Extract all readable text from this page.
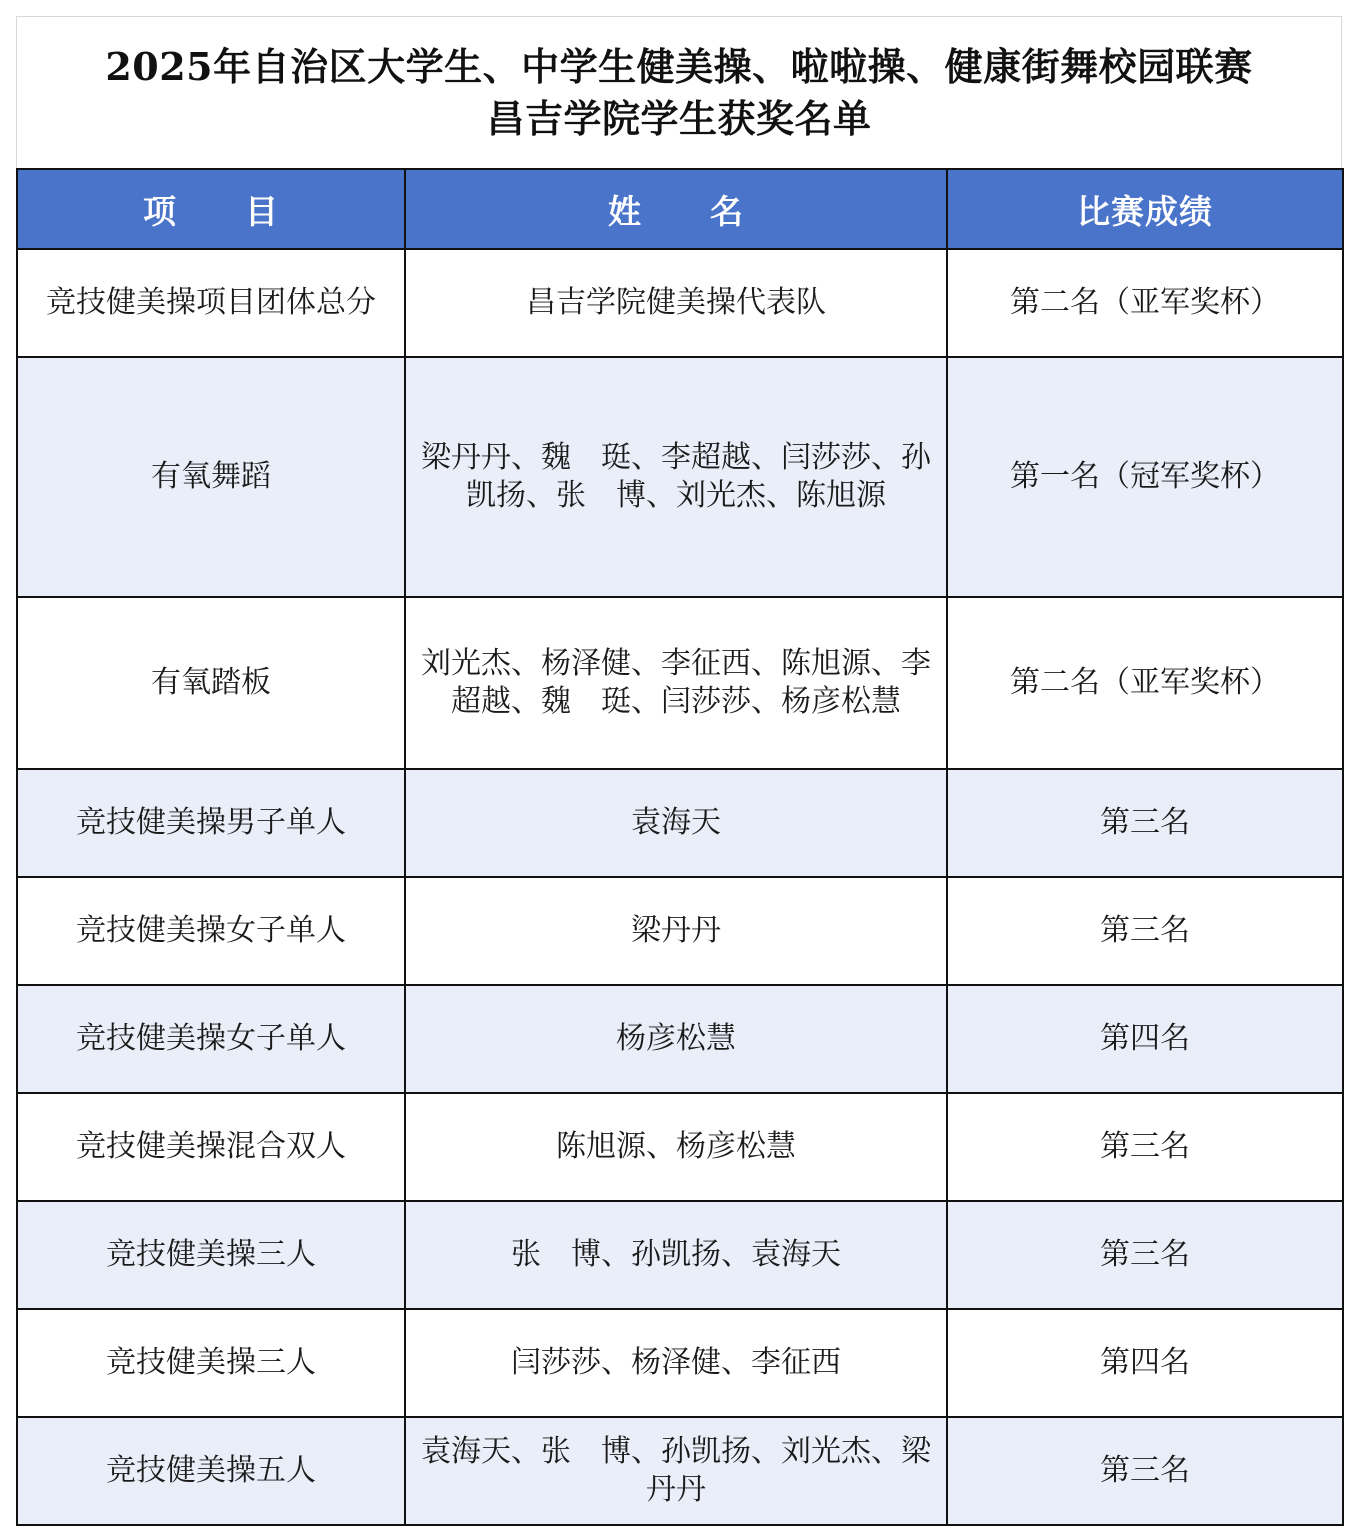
2025年自治区大学生、中学生健美操、啦啦操、健康街舞校园联赛
昌吉学院学生获奖名单
项　　目	姓　　名	比赛成绩
竞技健美操项目团体总分	昌吉学院健美操代表队	第二名（亚军奖杯）
有氧舞蹈	梁丹丹、魏　珽、李超越、闫莎莎、孙凯扬、张　博、刘光杰、陈旭源	第一名（冠军奖杯）
有氧踏板	刘光杰、杨泽健、李征西、陈旭源、李超越、魏　珽、闫莎莎、杨彦松慧	第二名（亚军奖杯）
竞技健美操男子单人	袁海天	第三名
竞技健美操女子单人	梁丹丹	第三名
竞技健美操女子单人	杨彦松慧	第四名
竞技健美操混合双人	陈旭源、杨彦松慧	第三名
竞技健美操三人	张　博、孙凯扬、袁海天	第三名
竞技健美操三人	闫莎莎、杨泽健、李征西	第四名
竞技健美操五人	袁海天、张　博、孙凯扬、刘光杰、梁丹丹	第三名
